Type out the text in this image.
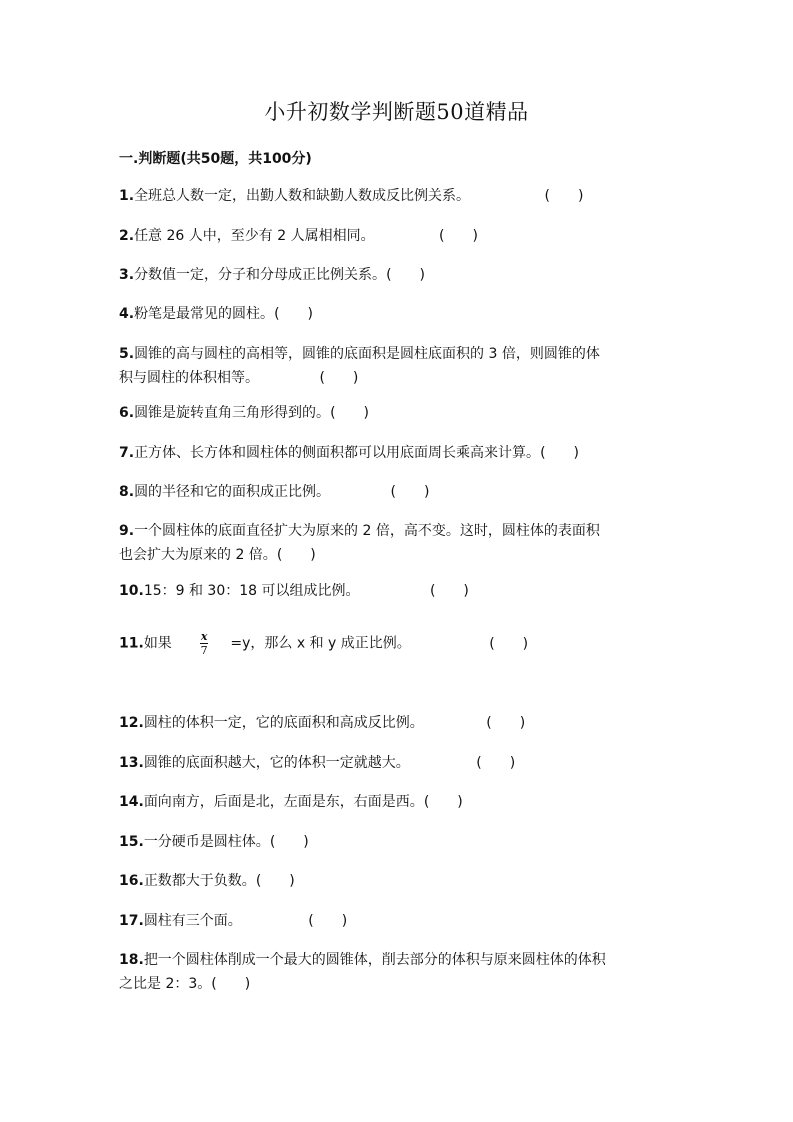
小升初数学判断题50道精品
一.判断题(共50题，共100分)
1.全班总人数一定，出勤人数和缺勤人数成反比例关系。	(　　)
2.任意 26 人中，至少有 2 人属相相同。	(　　)
3.分数值一定，分子和分母成正比例关系。(　　)
4.粉笔是最常见的圆柱。(　　)
5.圆锥的高与圆柱的高相等，圆锥的底面积是圆柱底面积的 3 倍，则圆锥的体
积与圆柱的体积相等。	(　　)
6.圆锥是旋转直角三角形得到的。(　　)
7.正方体、长方体和圆柱体的侧面积都可以用底面周长乘高来计算。(　　)
8.圆的半径和它的面积成正比例。	(　　)
9.一个圆柱体的底面直径扩大为原来的 2 倍，高不变。这时，圆柱体的表面积
也会扩大为原来的 2 倍。(　　)
10.15：9 和 30：18 可以组成比例。	(　　)
11.如果	$\frac{x}{7} =y$，那么 x 和 y 成正比例。	(　　)
12.圆柱的体积一定，它的底面积和高成反比例。	(　　)
13.圆锥的底面积越大，它的体积一定就越大。	(　　)
14.面向南方，后面是北，左面是东，右面是西。(　　)
15.一分硬币是圆柱体。(　　)
16.正数都大于负数。(　　)
17.圆柱有三个面。	(　　)
18.把一个圆柱体削成一个最大的圆锥体，削去部分的体积与原来圆柱体的体积
之比是 2：3。(　　)
